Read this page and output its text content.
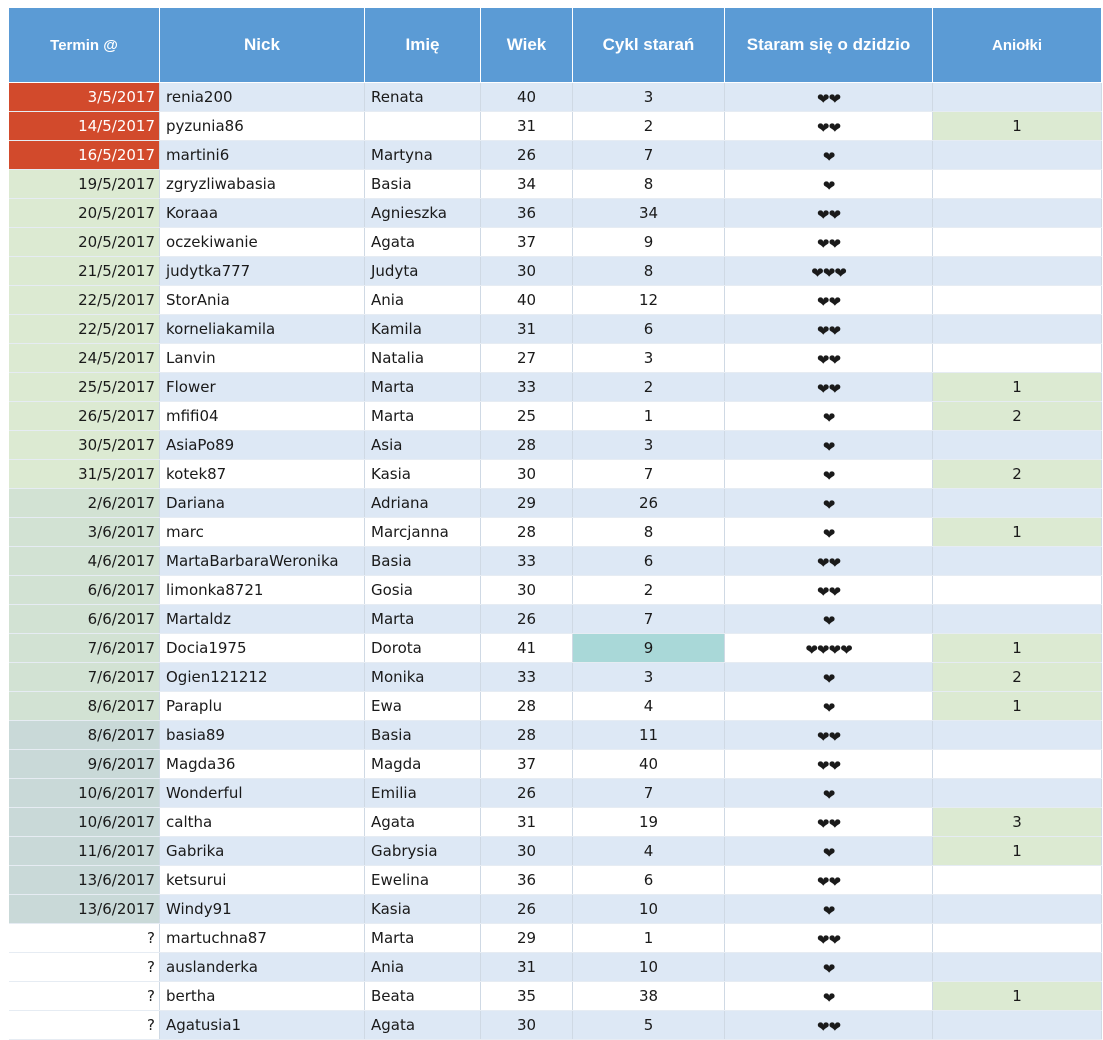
Termin @	Nick	Imię	Wiek	Cykl starań	Staram się o dzidzio	Aniołki
3/5/2017	renia200	Renata	40	3	❤❤	
14/5/2017	pyzunia86		31	2	❤❤	1
16/5/2017	martini6	Martyna	26	7	❤	
19/5/2017	zgryzliwabasia	Basia	34	8	❤	
20/5/2017	Koraaa	Agnieszka	36	34	❤❤	
20/5/2017	oczekiwanie	Agata	37	9	❤❤	
21/5/2017	judytka777	Judyta	30	8	❤❤❤	
22/5/2017	StorAnia	Ania	40	12	❤❤	
22/5/2017	korneliakamila	Kamila	31	6	❤❤	
24/5/2017	Lanvin	Natalia	27	3	❤❤	
25/5/2017	Flower	Marta	33	2	❤❤	1
26/5/2017	mfifi04	Marta	25	1	❤	2
30/5/2017	AsiaPo89	Asia	28	3	❤	
31/5/2017	kotek87	Kasia	30	7	❤	2
2/6/2017	Dariana	Adriana	29	26	❤	
3/6/2017	marc	Marcjanna	28	8	❤	1
4/6/2017	MartaBarbaraWeronika	Basia	33	6	❤❤	
6/6/2017	limonka8721	Gosia	30	2	❤❤	
6/6/2017	Martaldz	Marta	26	7	❤	
7/6/2017	Docia1975	Dorota	41	9	❤❤❤❤	1
7/6/2017	Ogien121212	Monika	33	3	❤	2
8/6/2017	Paraplu	Ewa	28	4	❤	1
8/6/2017	basia89	Basia	28	11	❤❤	
9/6/2017	Magda36	Magda	37	40	❤❤	
10/6/2017	Wonderful	Emilia	26	7	❤	
10/6/2017	caltha	Agata	31	19	❤❤	3
11/6/2017	Gabrika	Gabrysia	30	4	❤	1
13/6/2017	ketsurui	Ewelina	36	6	❤❤	
13/6/2017	Windy91	Kasia	26	10	❤	
?	martuchna87	Marta	29	1	❤❤	
?	auslanderka	Ania	31	10	❤	
?	bertha	Beata	35	38	❤	1
?	Agatusia1	Agata	30	5	❤❤	
